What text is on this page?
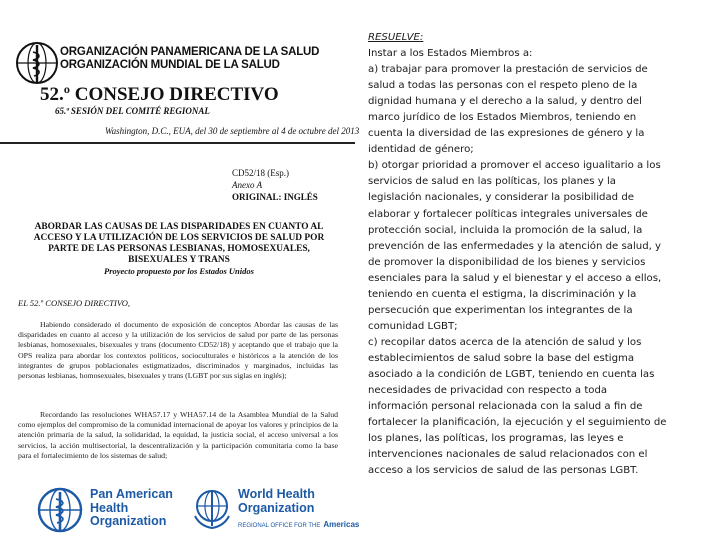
ORGANIZACIÓN PANAMERICANA DE LA SALUD
ORGANIZACIÓN MUNDIAL DE LA SALUD
52.º CONSEJO DIRECTIVO
65.ª SESIÓN DEL COMITÉ REGIONAL
Washington, D.C., EUA, del 30 de septiembre al 4 de octubre del 2013
CD52/18 (Esp.)
Anexo A
ORIGINAL: INGLÉS
ABORDAR LAS CAUSAS DE LAS DISPARIDADES EN CUANTO AL ACCESO Y LA UTILIZACIÓN DE LOS SERVICIOS DE SALUD POR PARTE DE LAS PERSONAS LESBIANAS, HOMOSEXUALES, BISEXUALES Y TRANS
Proyecto propuesto por los Estados Unidos
EL 52.º CONSEJO DIRECTIVO,
Habiendo considerado el documento de exposición de conceptos Abordar las causas de las disparidades en cuanto al acceso y la utilización de los servicios de salud por parte de las personas lesbianas, homosexuales, bisexuales y trans (documento CD52/18) y aceptando que el trabajo que la OPS realiza para abordar los contextos políticos, socioculturales e históricos a la atención de los integrantes de grupos poblacionales estigmatizados, discriminados y marginados, incluidas las personas lesbianas, homosexuales, bisexuales y trans (LGBT por sus siglas en inglés);
Recordando las resoluciones WHA57.17 y WHA57.14 de la Asamblea Mundial de la Salud como ejemplos del compromiso de la comunidad internacional de apoyar los valores y principios de la atención primaria de la salud, la solidaridad, la equidad, la justicia social, el acceso universal a los servicios, la acción multisectorial, la descentralización y la participación comunitaria como la base para el fortalecimiento de los sistemas de salud;
Pan American
Health
Organization
World Health
Organization
REGIONAL OFFICE FOR THE Americas
RESUELVE:
Instar a los Estados Miembros a:
a) trabajar para promover la prestación de servicios de
salud a todas las personas con el respeto pleno de la
dignidad humana y el derecho a la salud, y dentro del
marco jurídico de los Estados Miembros, teniendo en
cuenta la diversidad de las expresiones de género y la
identidad de género;
b) otorgar prioridad a promover el acceso igualitario a los
servicios de salud en las políticas, los planes y la
legislación nacionales, y considerar la posibilidad de
elaborar y fortalecer políticas integrales universales de
protección social, incluida la promoción de la salud, la
prevención de las enfermedades y la atención de salud, y
de promover la disponibilidad de los bienes y servicios
esenciales para la salud y el bienestar y el acceso a ellos,
teniendo en cuenta el estigma, la discriminación y la
persecución que experimentan los integrantes de la
comunidad LGBT;
c) recopilar datos acerca de la atención de salud y los
establecimientos de salud sobre la base del estigma
asociado a la condición de LGBT, teniendo en cuenta las
necesidades de privacidad con respecto a toda
información personal relacionada con la salud a fin de
fortalecer la planificación, la ejecución y el seguimiento de
los planes, las políticas, los programas, las leyes e
intervenciones nacionales de salud relacionados con el
acceso a los servicios de salud de las personas LGBT.
